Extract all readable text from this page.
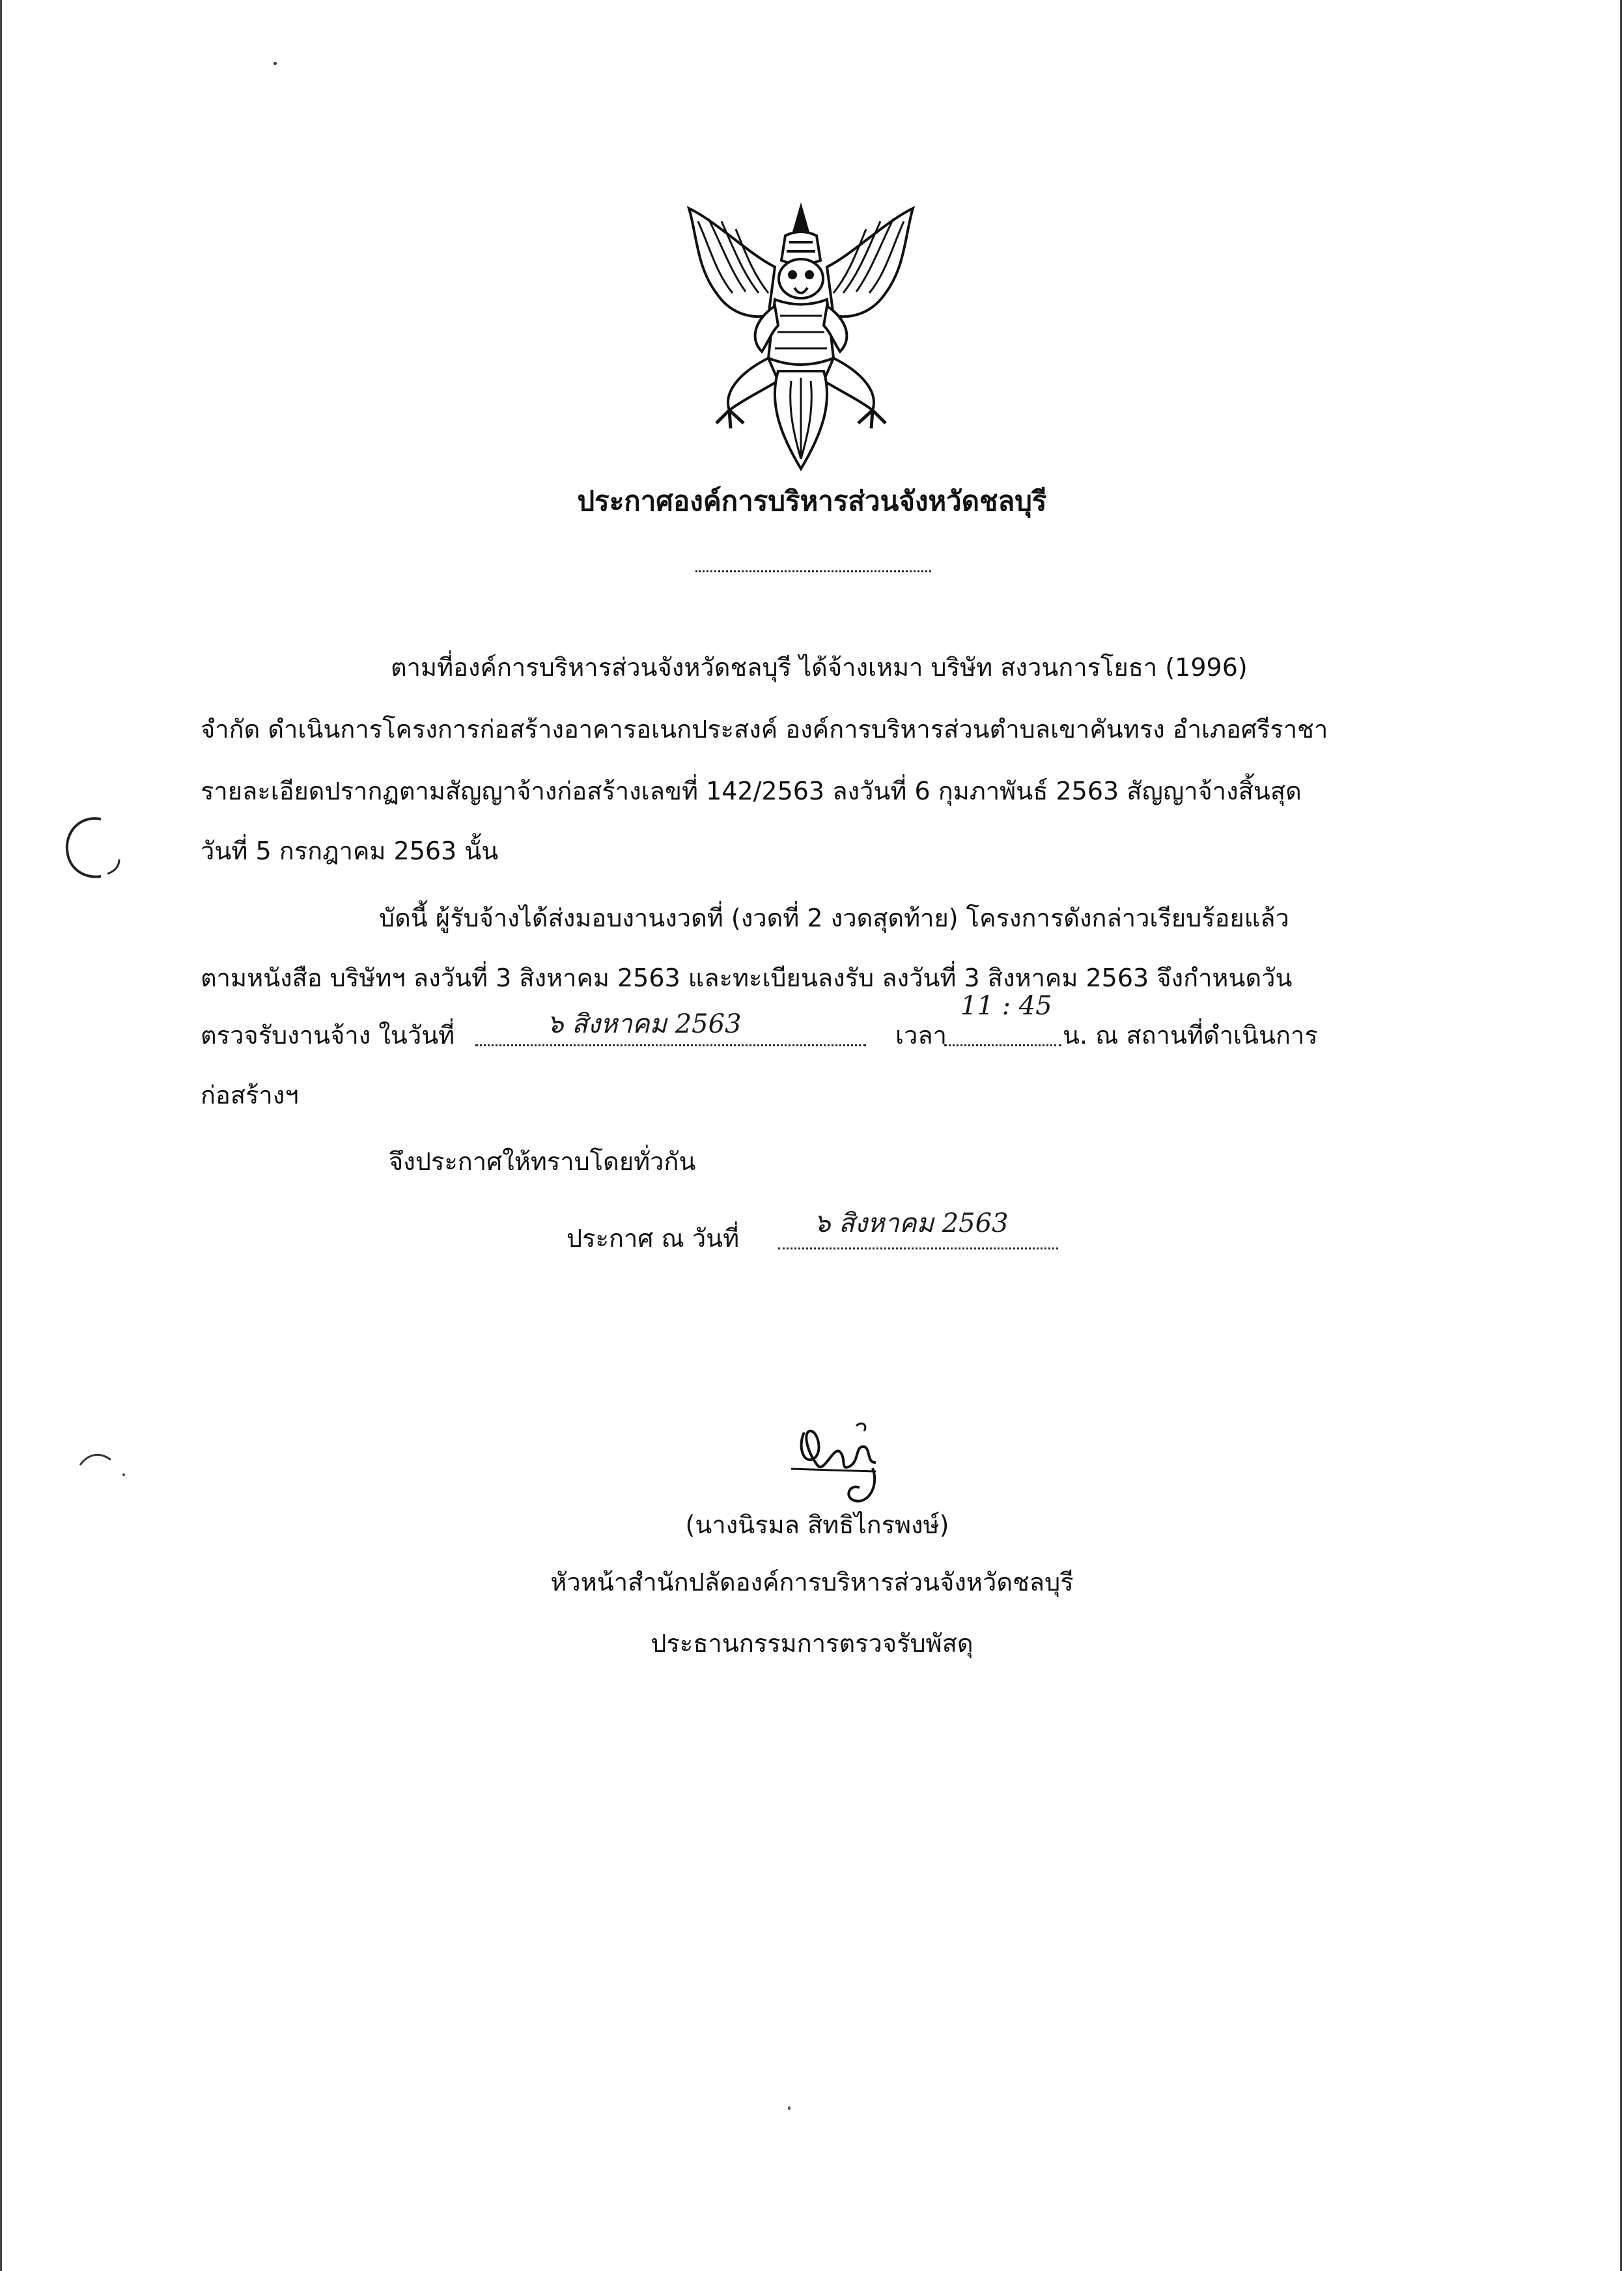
ประกาศองค์การบริหารส่วนจังหวัดชลบุรี
ตามที่องค์การบริหารส่วนจังหวัดชลบุรี ได้จ้างเหมา บริษัท สงวนการโยธา (1996)
จำกัด ดำเนินการโครงการก่อสร้างอาคารอเนกประสงค์ องค์การบริหารส่วนตำบลเขาคันทรง อำเภอศรีราชา
รายละเอียดปรากฏตามสัญญาจ้างก่อสร้างเลขที่ 142/2563 ลงวันที่ 6 กุมภาพันธ์ 2563 สัญญาจ้างสิ้นสุด
วันที่ 5 กรกฎาคม 2563 นั้น
บัดนี้ ผู้รับจ้างได้ส่งมอบงานงวดที่ (งวดที่ 2 งวดสุดท้าย) โครงการดังกล่าวเรียบร้อยแล้ว
ตามหนังสือ บริษัทฯ ลงวันที่ 3 สิงหาคม 2563 และทะเบียนลงรับ ลงวันที่ 3 สิงหาคม 2563 จึงกำหนดวัน
ตรวจรับงานจ้าง ในวันที่	๖ สิงหาคม 2563	เวลา
11 : 45
น. ณ สถานที่ดำเนินการ
ก่อสร้างฯ
จึงประกาศให้ทราบโดยทั่วกัน
ประกาศ ณ วันที่	๖ สิงหาคม 2563
(นางนิรมล สิทธิไกรพงษ์)
หัวหน้าสำนักปลัดองค์การบริหารส่วนจังหวัดชลบุรี
ประธานกรรมการตรวจรับพัสดุ
